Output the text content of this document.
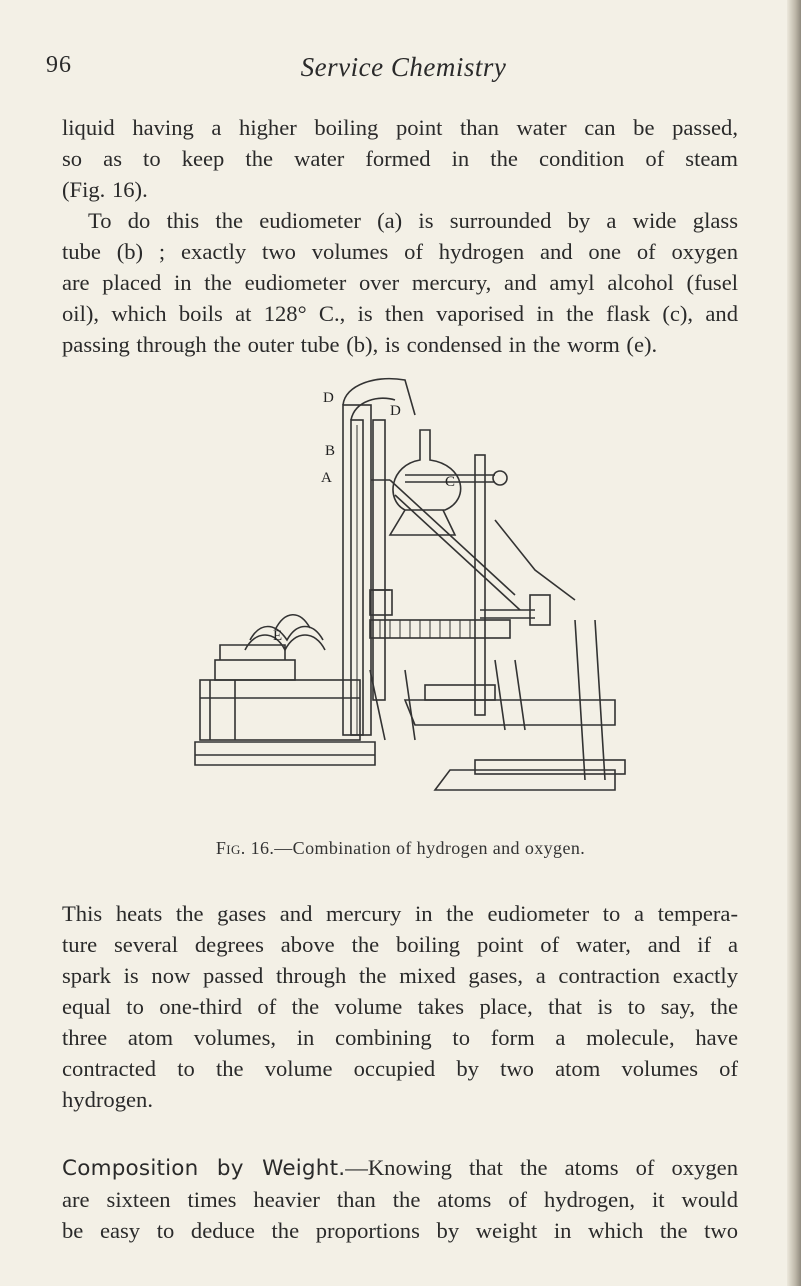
96	Service Chemistry
liquid having a higher boiling point than water can be passed,
so as to keep the water formed in the condition of steam
(Fig. 16).
To do this the eudiometer (a) is surrounded by a wide glass
tube (b) ; exactly two volumes of hydrogen and one of oxygen
are placed in the eudiometer over mercury, and amyl alcohol (fusel
oil), which boils at 128° C., is then vaporised in the flask (c), and
passing through the outer tube (b), is condensed in the worm (e).
D
D
B
A	C
E
Fig. 16.—Combination of hydrogen and oxygen.
This heats the gases and mercury in the eudiometer to a tempera-
ture several degrees above the boiling point of water, and if a
spark is now passed through the mixed gases, a contraction exactly
equal to one-third of the volume takes place, that is to say, the
three atom volumes, in combining to form a molecule, have
contracted to the volume occupied by two atom volumes of
hydrogen.
Composition by Weight.—Knowing that the atoms of oxygen
are sixteen times heavier than the atoms of hydrogen, it would
be easy to deduce the proportions by weight in which the two
